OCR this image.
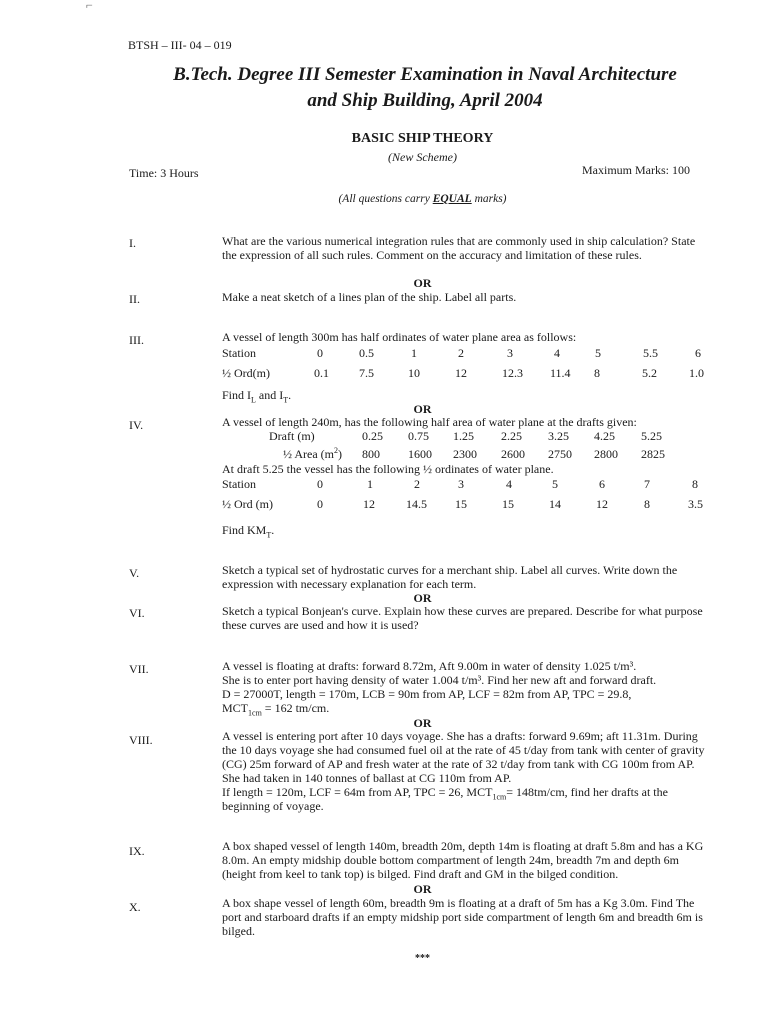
⌐
BTSH – III- 04 – 019
B.Tech. Degree III Semester Examination in Naval Architecture
and Ship Building, April 2004
BASIC SHIP THEORY
(New Scheme)
Time: 3 Hours	Maximum Marks: 100
(All questions carry EQUAL marks)
I.	What are the various numerical integration rules that are commonly used in ship calculation? State the expression of all such rules. Comment on the accuracy and limitation of these rules.
OR
II.	Make a neat sketch of a lines plan of the ship. Label all parts.
III.	A vessel of length 300m has half ordinates of water plane area as follows:
Station	0	0.5	1	2	3	4	5	5.5	6
½ Ord(m)	0.1	7.5	10	12	12.3 11.4 8	5.2	1.0
Find $I_L$ and $I_T$.
OR
IV.	A vessel of length 240m, has the following half area of water plane at the drafts given:
Draft (m)	0.25 0.75 1.25 2.25 3.25 4.25 5.25
½ Area $(m^2)$ 800 1600 2300 2600 2750 2800 2825
At draft 5.25 the vessel has the following ½ ordinates of water plane.
Station	0	1	2	3	4	5	6	7	8
½ Ord (m)	0	12	14.5 15	15	14	12	8	3.5
Find $KM_T$.
V.	Sketch a typical set of hydrostatic curves for a merchant ship. Label all curves. Write down the expression with necessary explanation for each term.
OR
VI.	Sketch a typical Bonjean's curve. Explain how these curves are prepared. Describe for what purpose these curves are used and how it is used?
VII.	A vessel is floating at drafts: forward 8.72m, Aft 9.00m in water of density 1.025 t/m³.
She is to enter port having density of water 1.004 t/m³. Find her new aft and forward draft.
D = 27000T, length = 170m, LCB = 90m from AP, LCF = 82m from AP, TPC = 29.8,
$MCT_{1cm} = 162$ tm/cm.
OR
VIII.	A vessel is entering port after 10 days voyage. She has a drafts: forward 9.69m; aft 11.31m. During the 10 days voyage she had consumed fuel oil at the rate of 45 t/day from tank with center of gravity (CG) 25m forward of AP and fresh water at the rate of 32 t/day from tank with CG 100m from AP. She had taken in 140 tonnes of ballast at CG 110m from AP.
If length = 120m, LCF = 64m from AP, TPC = 26, $MCT_{1cm}= 148tm/cm$, find her drafts at the beginning of voyage.
IX.	A box shaped vessel of length 140m, breadth 20m, depth 14m is floating at draft 5.8m and has a KG 8.0m. An empty midship double bottom compartment of length 24m, breadth 7m and depth 6m (height from keel to tank top) is bilged. Find draft and GM in the bilged condition.
OR
X.	A box shape vessel of length 60m, breadth 9m is floating at a draft of 5m has a Kg 3.0m. Find The port and starboard drafts if an empty midship port side compartment of length 6m and breadth 6m is bilged.
***
